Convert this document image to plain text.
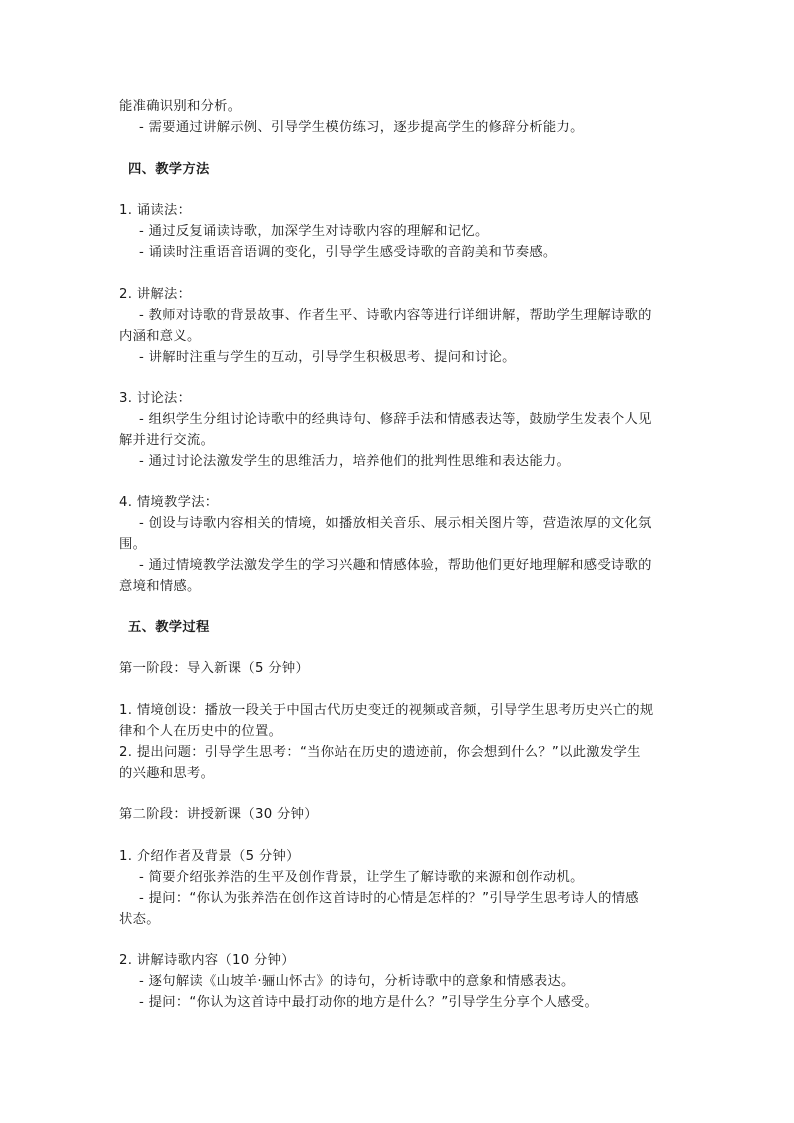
能准确识别和分析。
- 需要通过讲解示例、引导学生模仿练习，逐步提高学生的修辞分析能力。
四、教学方法
1. 诵读法：
- 通过反复诵读诗歌，加深学生对诗歌内容的理解和记忆。
- 诵读时注重语音语调的变化，引导学生感受诗歌的音韵美和节奏感。
2. 讲解法：
- 教师对诗歌的背景故事、作者生平、诗歌内容等进行详细讲解，帮助学生理解诗歌的
内涵和意义。
- 讲解时注重与学生的互动，引导学生积极思考、提问和讨论。
3. 讨论法：
- 组织学生分组讨论诗歌中的经典诗句、修辞手法和情感表达等，鼓励学生发表个人见
解并进行交流。
- 通过讨论法激发学生的思维活力，培养他们的批判性思维和表达能力。
4. 情境教学法：
- 创设与诗歌内容相关的情境，如播放相关音乐、展示相关图片等，营造浓厚的文化氛
围。
- 通过情境教学法激发学生的学习兴趣和情感体验，帮助他们更好地理解和感受诗歌的
意境和情感。
五、教学过程
第一阶段：导入新课（5 分钟）
1. 情境创设：播放一段关于中国古代历史变迁的视频或音频，引导学生思考历史兴亡的规
律和个人在历史中的位置。
2. 提出问题：引导学生思考：“当你站在历史的遗迹前，你会想到什么？”以此激发学生
的兴趣和思考。
第二阶段：讲授新课（30 分钟）
1. 介绍作者及背景（5 分钟）
- 简要介绍张养浩的生平及创作背景，让学生了解诗歌的来源和创作动机。
- 提问：“你认为张养浩在创作这首诗时的心情是怎样的？”引导学生思考诗人的情感
状态。
2. 讲解诗歌内容（10 分钟）
- 逐句解读《山坡羊·骊山怀古》的诗句，分析诗歌中的意象和情感表达。
- 提问：“你认为这首诗中最打动你的地方是什么？”引导学生分享个人感受。
